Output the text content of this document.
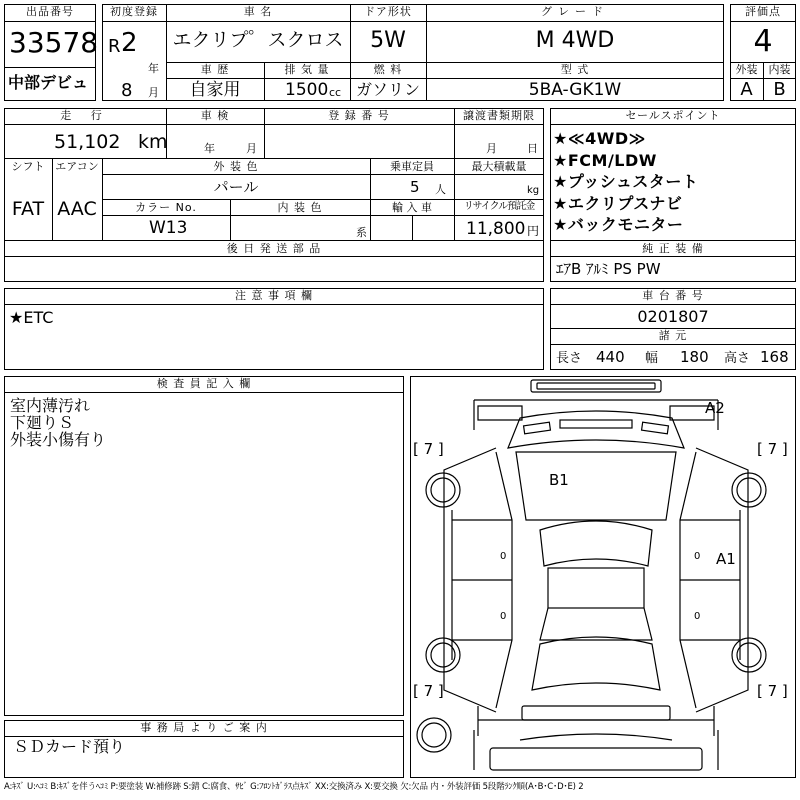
出品番号
33578
中部デビュ
初度登録
R 2
年
8 月
車 名
エクリプ゜スクロス
ドア形状
5W
グレード
M 4WD
車 歴
自家用
排 気 量
1500 cc
燃 料
ガソリン
型 式
5BA-GK1W
評価点
4
外装	内装
A	B
走 行
51,102 km
車 検
年	月
登 録 番 号	譲渡書類期限
月	日
シフト
FAT
エアコン
AAC
外 装 色
パール
乗車定員
5 人
最大積載量
kg
カラー No.
W13
内 装 色
系
輸 入 車	リサイクル預託金
11,800 円
後 日 発 送 部 品
セールスポイント
★≪4WD≫
★FCM/LDW
★プッシュスタート
★エクリプスナビ
★バックモニター
純 正 装 備
ｴｱB ｱﾙﾐ PS PW
注 意 事 項 欄
★ETC
車 台 番 号
0201807
諸 元
長さ 440 幅 180 高さ 168
検 査 員 記 入 欄
室内薄汚れ
下廻りＳ
外装小傷有り
事 務 局 よ り ご 案 内
ＳＤカード預り
A2
B1
A1
[ 7 ]	[ 7 ]
[ 7 ]	[ 7 ]
0	0
0	0
A:ｷｽﾞ U:ﾍｺﾐ B:ｷｽﾞを伴うﾍｺﾐ P:要塗装 W:補修跡 S:錆 C:腐食、ｻﾋﾞ G:ﾌﾛﾝﾄｶﾞﾗｽ点ｷｽﾞ XX:交換済み X:要交換 欠:欠品 内・外装評価 5段階ﾗﾝｸ順(A･B･C･D･E) 2
